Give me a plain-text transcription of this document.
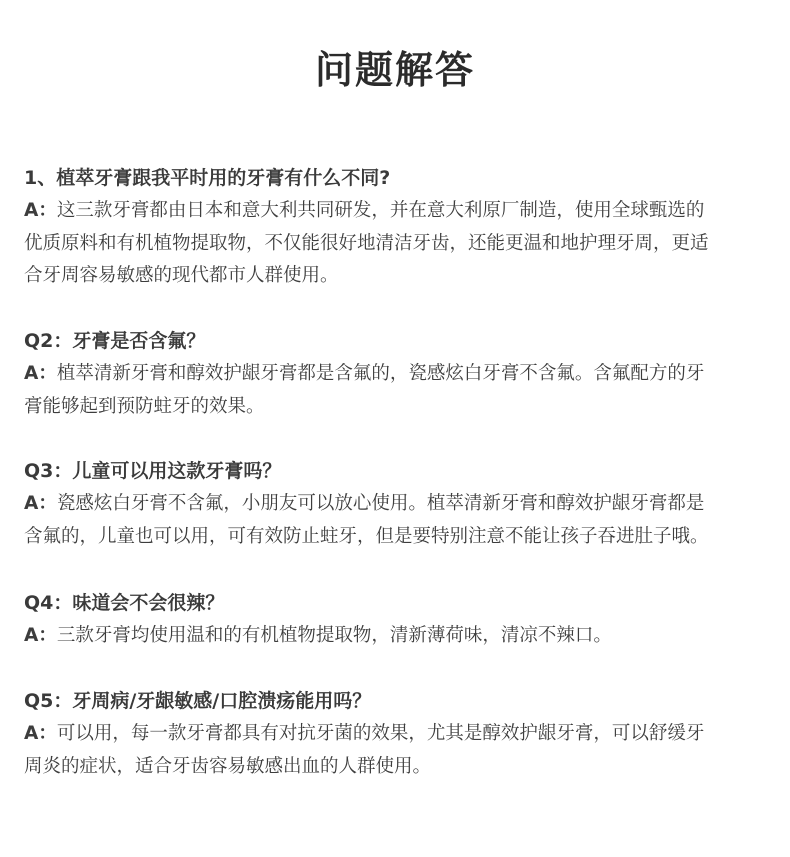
问题解答

1、植萃牙膏跟我平时用的牙膏有什么不同?

A：这三款牙膏都由日本和意大利共同研发，并在意大利原厂制造，使用全球甄选的
优质原料和有机植物提取物，不仅能很好地清洁牙齿，还能更温和地护理牙周，更适
合牙周容易敏感的现代都市人群使用。

Q2：牙膏是否含氟？

A：植萃清新牙膏和醇效护龈牙膏都是含氟的，瓷感炫白牙膏不含氟。含氟配方的牙
膏能够起到预防蛀牙的效果。

Q3：儿童可以用这款牙膏吗？

A：瓷感炫白牙膏不含氟，小朋友可以放心使用。植萃清新牙膏和醇效护龈牙膏都是
含氟的，儿童也可以用，可有效防止蛀牙，但是要特别注意不能让孩子吞进肚子哦。

Q4：味道会不会很辣？

A：三款牙膏均使用温和的有机植物提取物，清新薄荷味，清凉不辣口。

Q5：牙周病/牙龈敏感/口腔溃疡能用吗？

A：可以用，每一款牙膏都具有对抗牙菌的效果，尤其是醇效护龈牙膏，可以舒缓牙
周炎的症状，适合牙齿容易敏感出血的人群使用。
